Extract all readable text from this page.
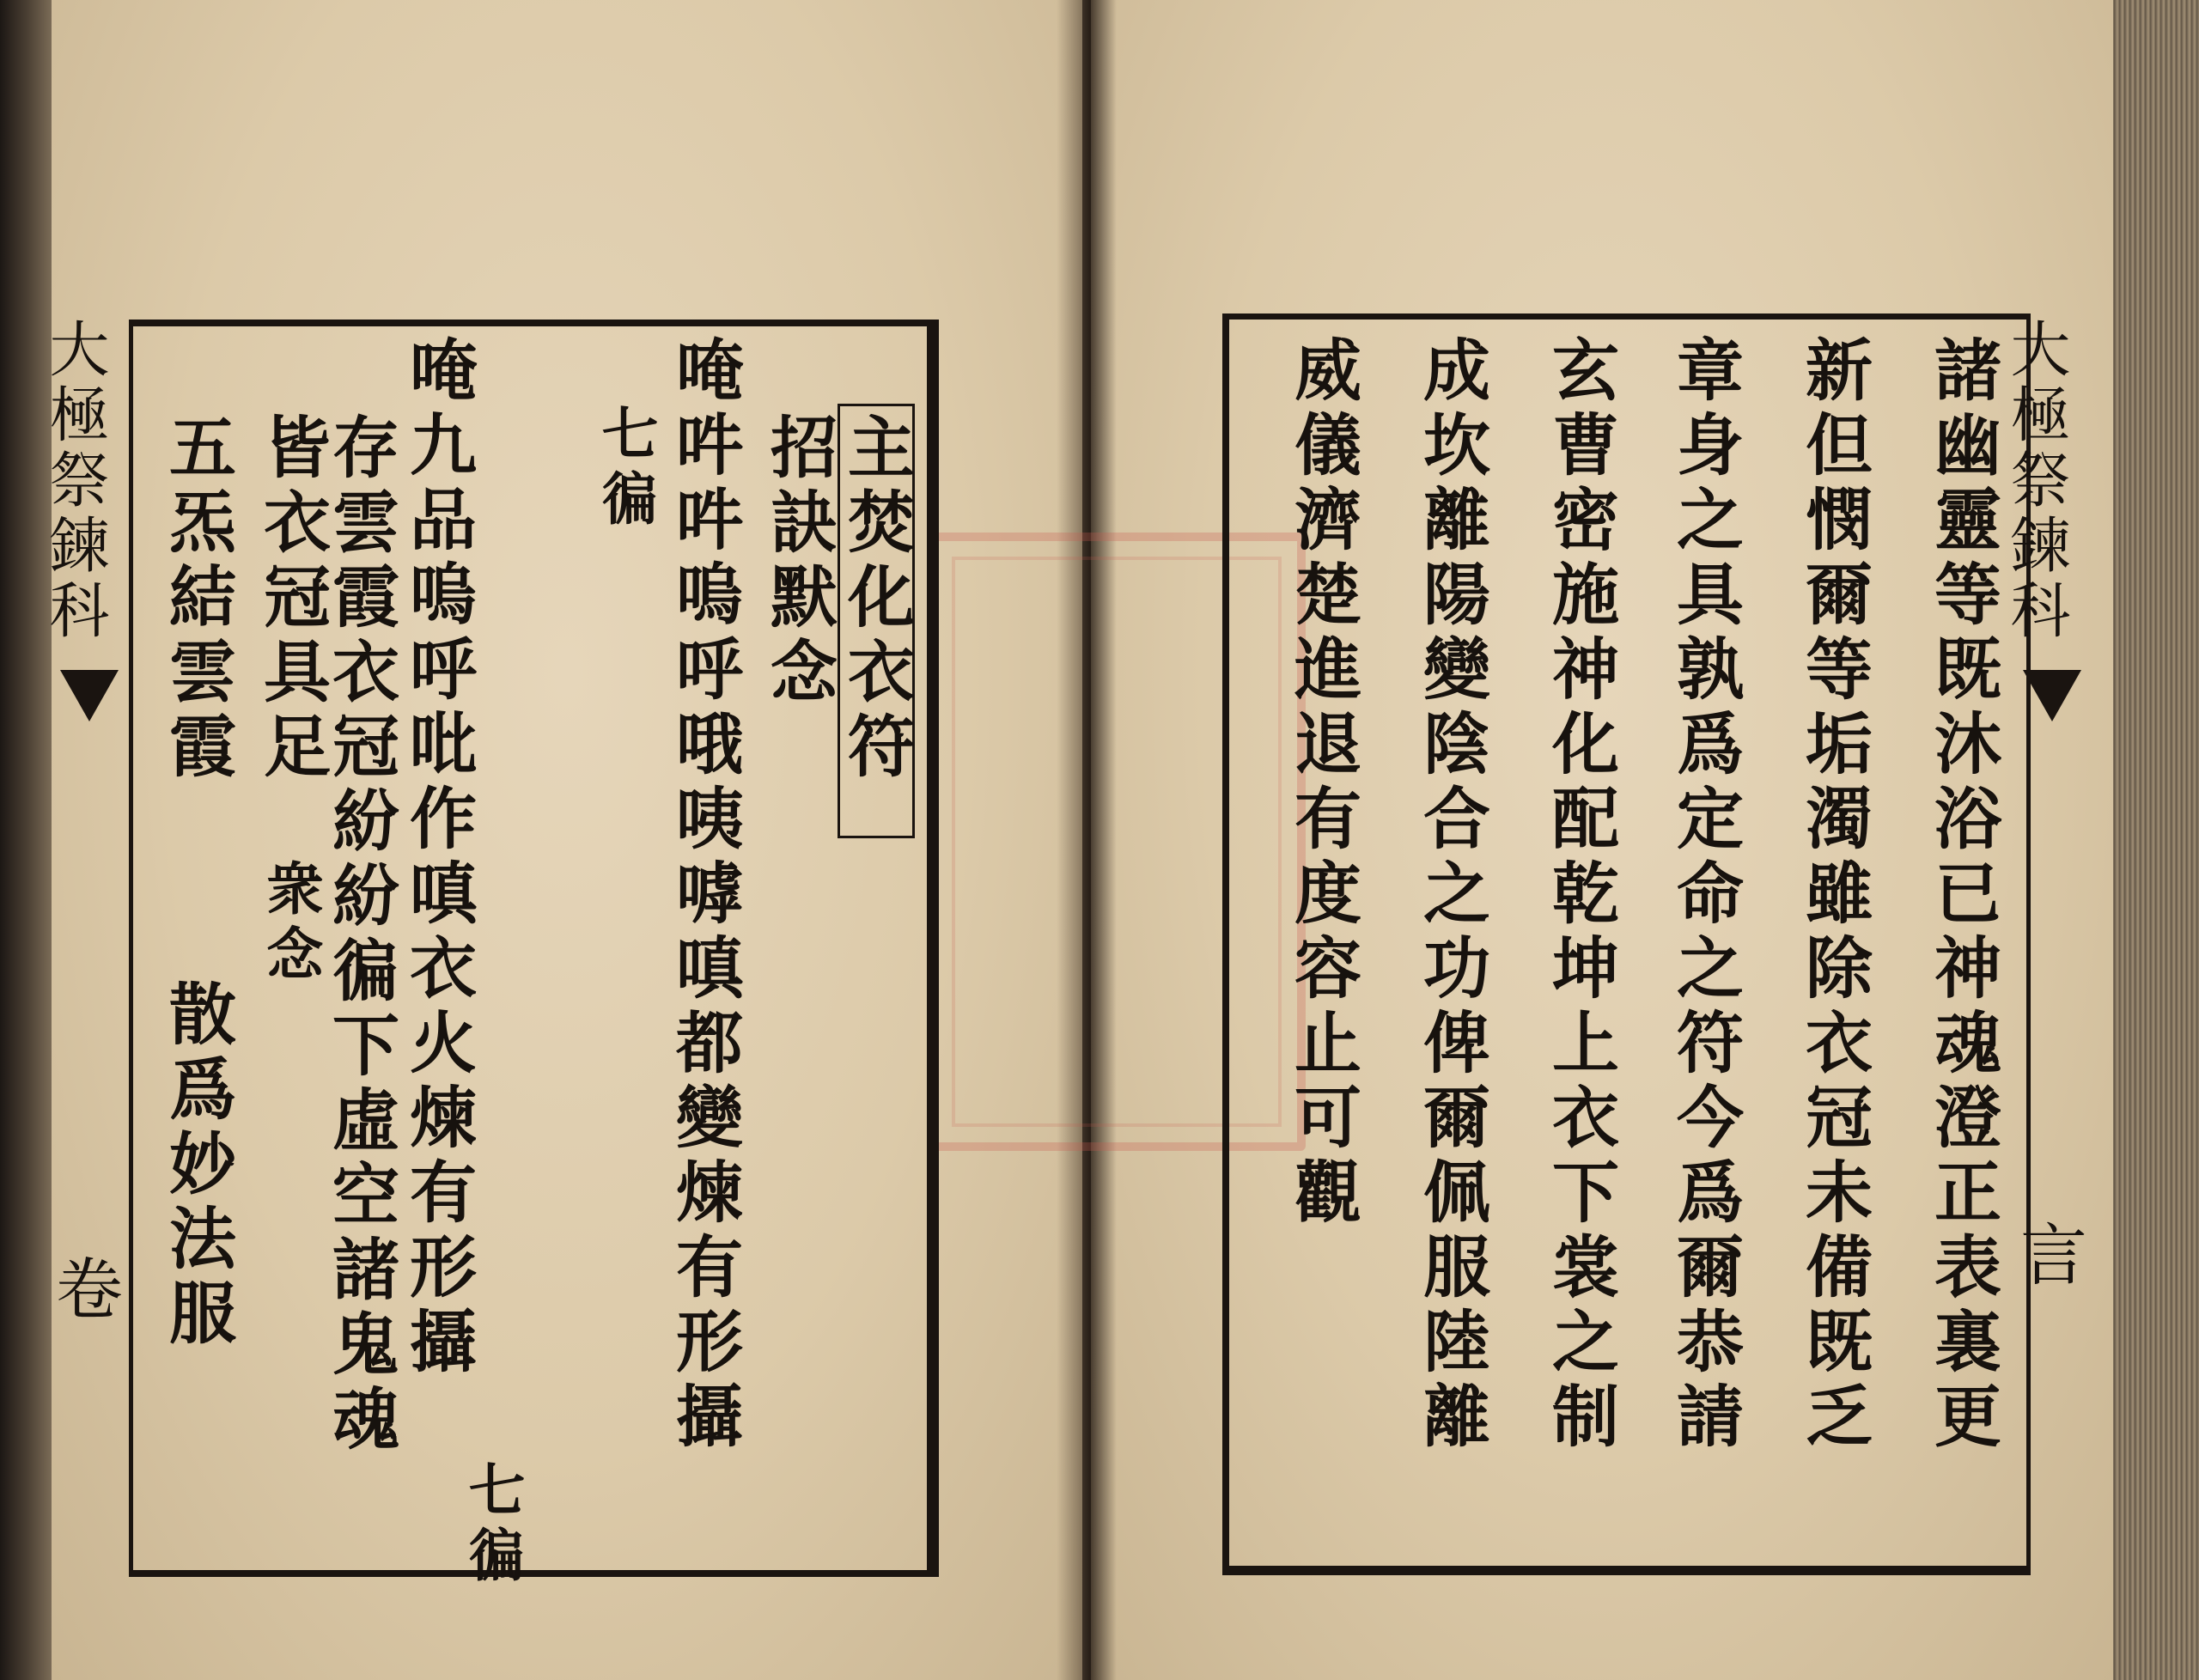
大極祭鍊科
卷
主焚化衣符
招訣默念
唵吽吽嗚呼哦咦嘑嗔都變煉有形攝
七徧
唵九品嗚呼吡作嗔衣火煉有形攝
七徧
存雲霞衣冠紛紛徧下虛空諸鬼魂
皆衣冠具足
衆念
五炁結雲霞
散爲妙法服
大極祭鍊科
言
諸幽靈等既沐浴已神魂澄正表裏更
新但憫爾等垢濁雖除衣冠未備既乏
章身之具孰爲定命之符今爲爾恭請
玄曹密施神化配乾坤上衣下裳之制
成坎離陽變陰合之功俾爾佩服陸離
威儀濟楚進退有度容止可觀
